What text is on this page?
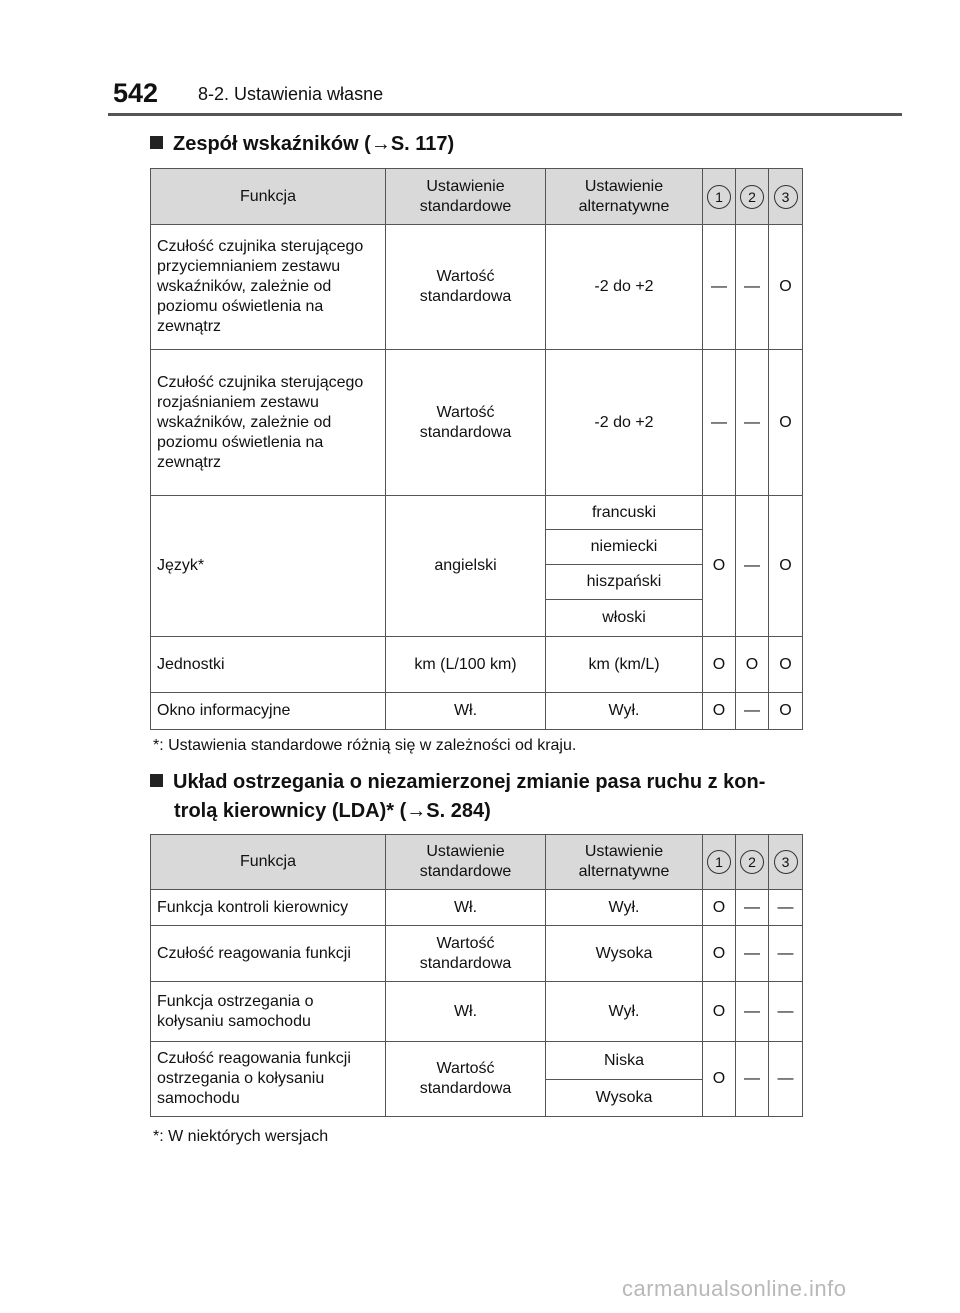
542 8-2. Ustawienia własne
Zespół wskaźników (→S. 117)
Funkcja	Ustawienie standardowe	Ustawienie alternatywne	1	2	3
Czułość czujnika sterującego przyciemnianiem zestawu wskaźników, zależnie od poziomu oświetlenia na zewnątrz	Wartość standardowa	-2 do +2	—	—	O
Czułość czujnika sterującego rozjaśnianiem zestawu wskaźników, zależnie od poziomu oświetlenia na zewnątrz	Wartość standardowa	-2 do +2	—	—	O
Język*	angielski	francuski	O	—	O
		niemiecki			
		hiszpański			
		włoski			
Jednostki	km (L/100 km)	km (km/L)	O	O	O
Okno informacyjne	Wł.	Wył.	O	—	O
*: Ustawienia standardowe różnią się w zależności od kraju.
Układ ostrzegania o niezamierzonej zmianie pasa ruchu z kon-
trolą kierownicy (LDA)* (→S. 284)
Funkcja	Ustawienie standardowe	Ustawienie alternatywne	1	2	3
Funkcja kontroli kierownicy	Wł.	Wył.	O	—	—
Czułość reagowania funkcji	Wartość standardowa	Wysoka	O	—	—
Funkcja ostrzegania o kołysaniu samochodu	Wł.	Wył.	O	—	—
Czułość reagowania funkcji ostrzegania o kołysaniu samochodu	Wartość standardowa	Niska	O	—	—
		Wysoka			
*: W niektórych wersjach
carmanualsonline.info
